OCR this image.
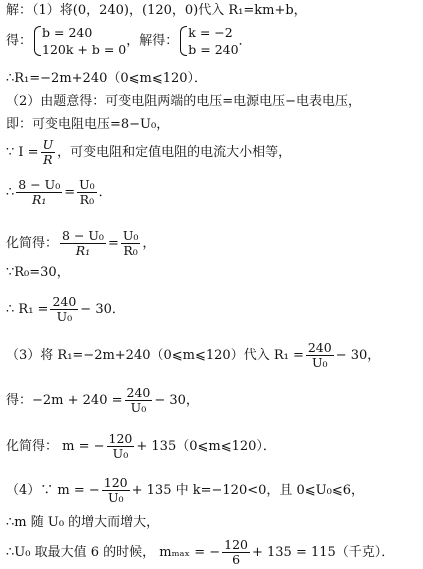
解：（1）将(0，240)，(120，0)代入 R₁=km+b，
得：
b = 240
120k + b = 0
，解得：
k = −2
b = 240
．
∴R₁=−2m+240（0⩽m⩽120）．
（2）由题意得：可变电阻两端的电压=电源电压−电表电压，
即：可变电阻电压=8−U₀，
∵ $I = \frac{U}{R}$ ，可变电阻和定值电阻的电流大小相等，
∴ $\frac{\text{8 − U₀}}{\text{R₁}} = \frac{\text{U₀}}{\text{R₀}}$ ．
化简得： $\frac{\text{8 − U₀}}{\text{R₁}} = \frac{\text{U₀}}{\text{R₀}}$ ，
∵R₀=30，
∴ $R_1 = \frac{240}{\text{U₀}} - 30$．
（3）将 R₁=−2m+240（0⩽m⩽120）代入 $R_1 = \frac{240}{\text{U₀}} - 30$，
得：$-2m + 240 = \frac{240}{\text{U₀}} - 30$，
化简得： m = − $\frac{120}{\text{U₀}}$ + 135（0⩽m⩽120）．
（4）∵ m = − $\frac{120}{\text{U₀}} + 135$ 中 k=−120<0，且 0⩽U₀⩽6，
∴m 随 U₀ 的增大而增大，
∴U₀ 取最大值 6 的时候， mₘₐₓ = − $\frac{120}{6} + 135 = 115$（千克）．
